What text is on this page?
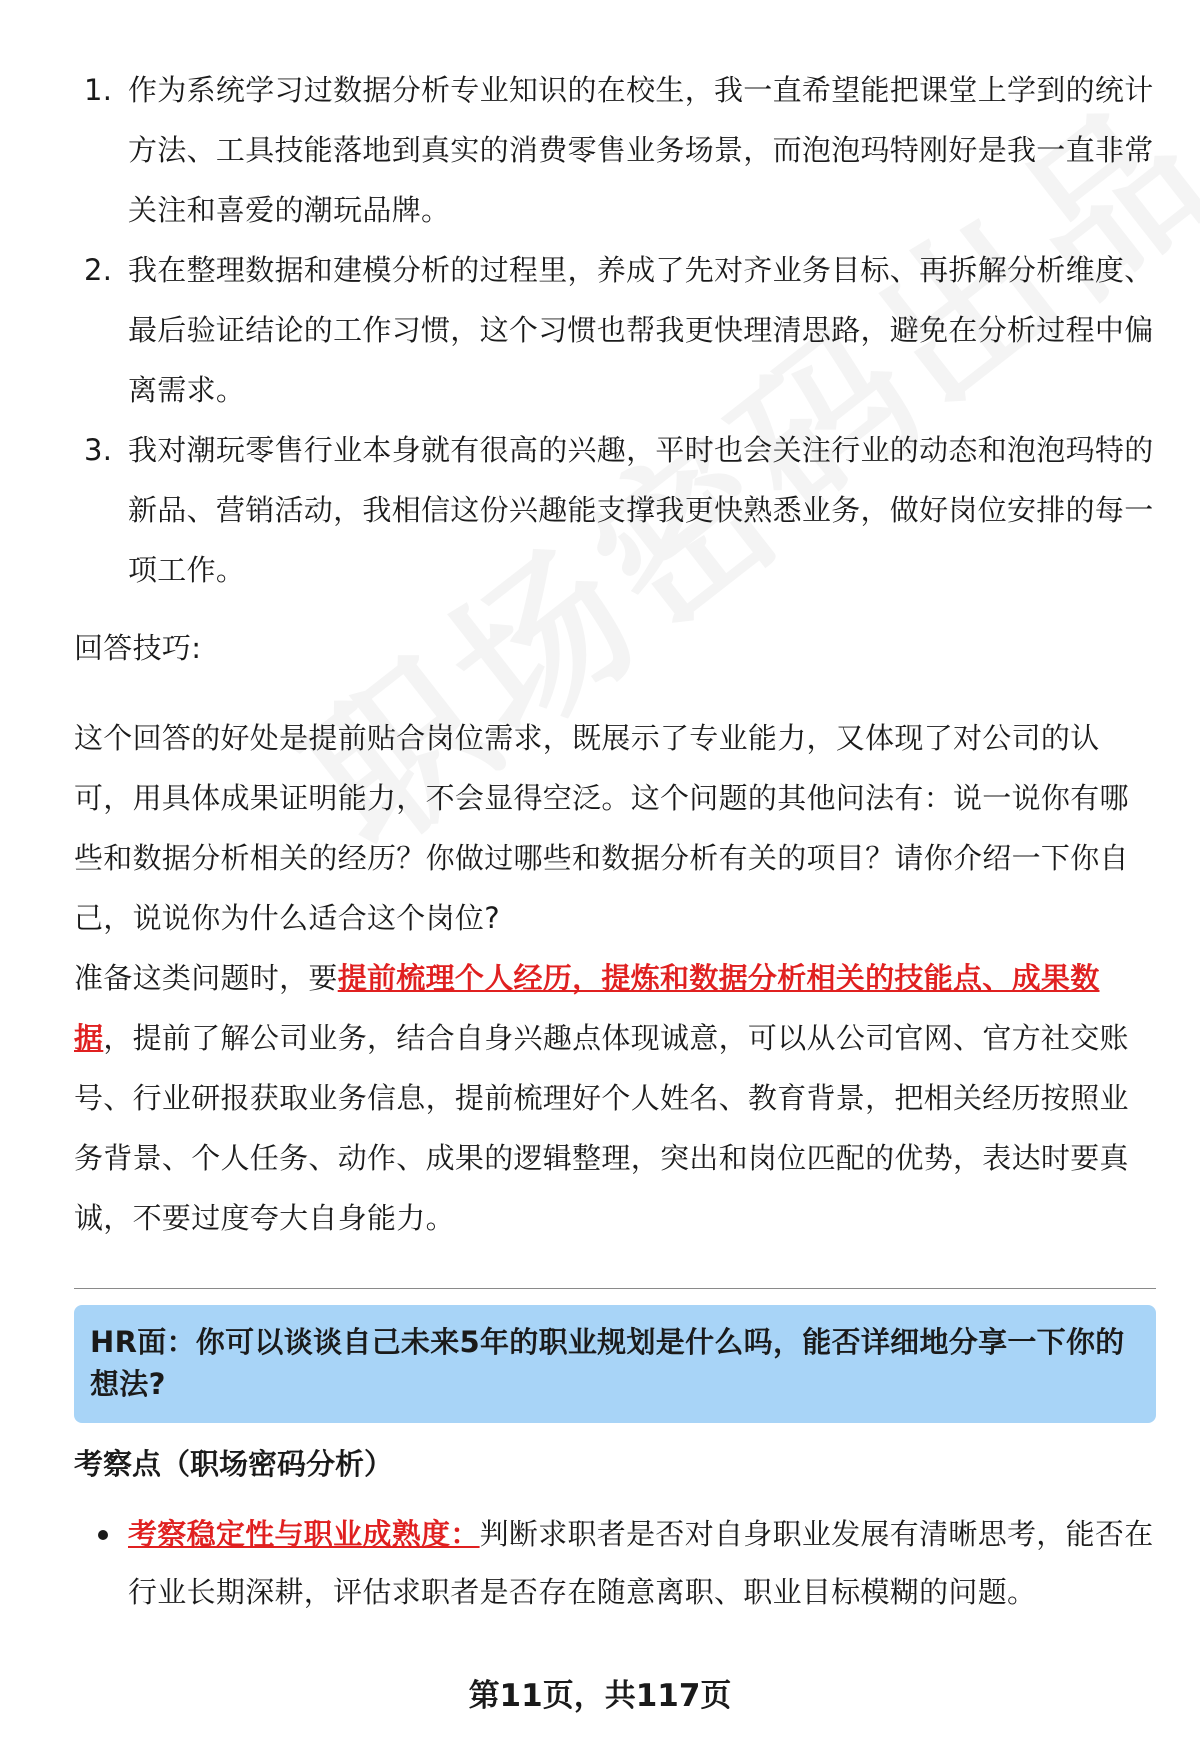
1. 作为系统学习过数据分析专业知识的在校生，我一直希望能把课堂上学到的统计方法、工具技能落地到真实的消费零售业务场景，而泡泡玛特刚好是我一直非常关注和喜爱的潮玩品牌。
2. 我在整理数据和建模分析的过程里，养成了先对齐业务目标、再拆解分析维度、最后验证结论的工作习惯，这个习惯也帮我更快理清思路，避免在分析过程中偏离需求。
3. 我对潮玩零售行业本身就有很高的兴趣，平时也会关注行业的动态和泡泡玛特的新品、营销活动，我相信这份兴趣能支撑我更快熟悉业务，做好岗位安排的每一项工作。

回答技巧:

这个回答的好处是提前贴合岗位需求，既展示了专业能力，又体现了对公司的认可，用具体成果证明能力，不会显得空泛。这个问题的其他问法有：说一说你有哪些和数据分析相关的经历？你做过哪些和数据分析有关的项目？请你介绍一下你自己，说说你为什么适合这个岗位?

准备这类问题时，要提前梳理个人经历，提炼和数据分析相关的技能点、成果数据，提前了解公司业务，结合自身兴趣点体现诚意，可以从公司官网、官方社交账号、行业研报获取业务信息，提前梳理好个人姓名、教育背景，把相关经历按照业务背景、个人任务、动作、成果的逻辑整理，突出和岗位匹配的优势，表达时要真诚，不要过度夸大自身能力。

HR面：你可以谈谈自己未来5年的职业规划是什么吗，能否详细地分享一下你的想法?
考察点（职场密码分析）
考察稳定性与职业成熟度：判断求职者是否对自身职业发展有清晰思考，能否在行业长期深耕，评估求职者是否存在随意离职、职业目标模糊的问题。
第11页，共117页
